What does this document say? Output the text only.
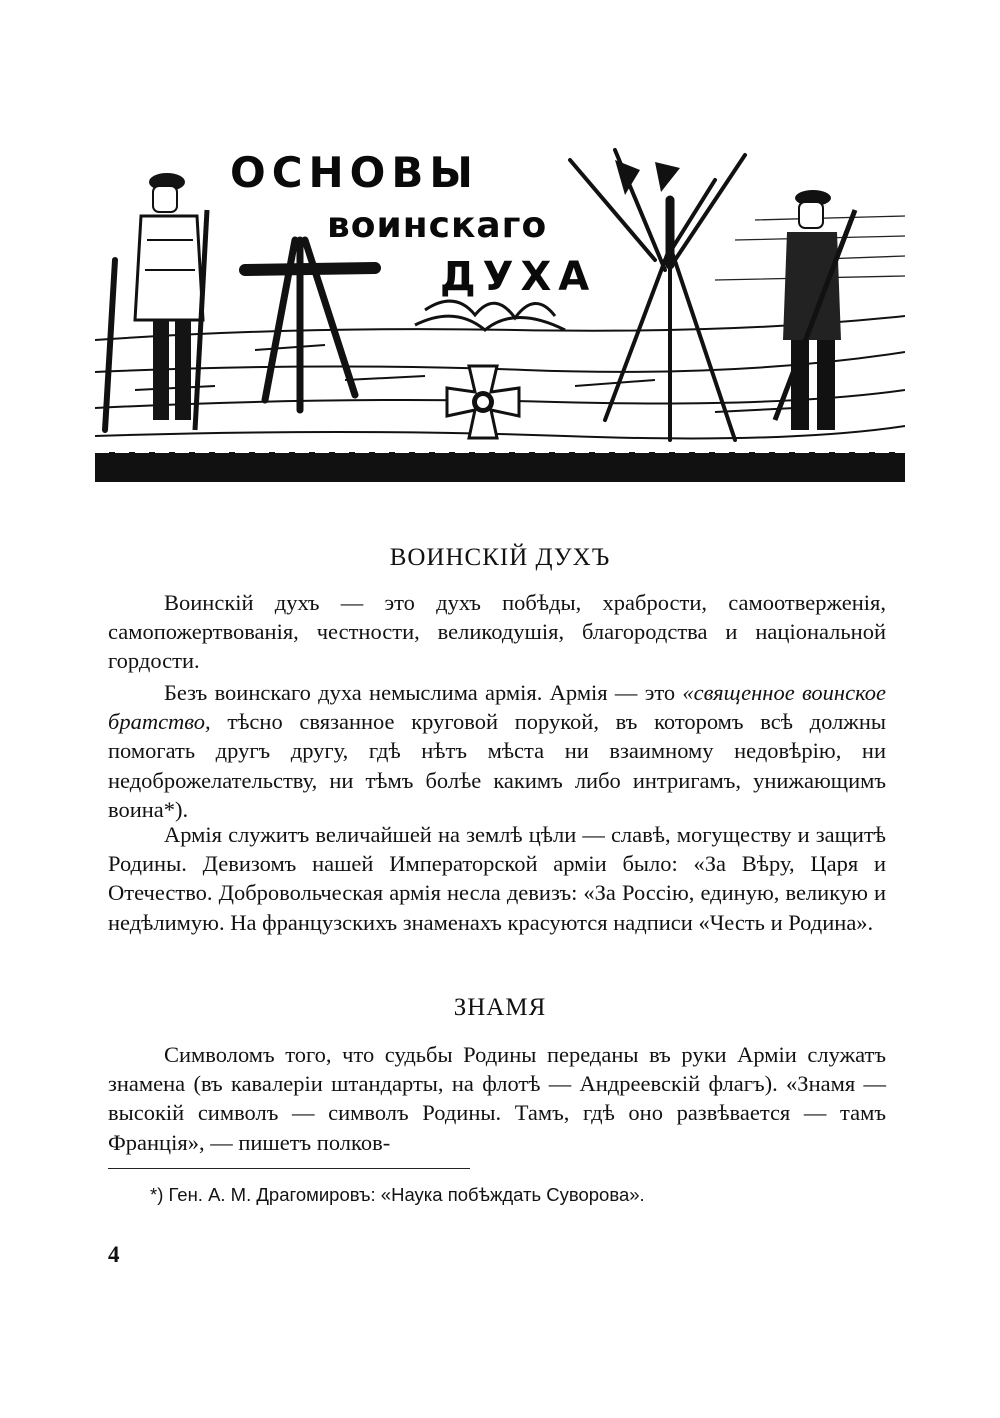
ОСНОВЫ
воинскаго
ДУХА
ВОИНСКІЙ ДУХЪ

Воинскій духъ — это духъ побѣды, храбрости, самоотверженія, самопожертвованія, честности, великодушія, благородства и національной гордости.

Безъ воинскаго духа немыслима армія. Армія — это «священное воинское братство, тѣсно связанное круговой порукой, въ которомъ всѣ должны помогать другъ другу, гдѣ нѣтъ мѣста ни взаимному недовѣрію, ни недоброжелательству, ни тѣмъ болѣе какимъ либо интригамъ, унижающимъ воина*).

Армія служитъ величайшей на землѣ цѣли — славѣ, могуществу и защитѣ Родины. Девизомъ нашей Императорской арміи было: «За Вѣру, Царя и Отечество. Добровольческая армія несла девизъ: «За Россію, единую, великую и недѣлимую. На французскихъ знаменахъ красуются надписи «Честь и Родина».

ЗНАМЯ

Символомъ того, что судьбы Родины переданы въ руки Арміи служатъ знамена (въ кавалеріи штандарты, на флотѣ — Андреевскій флагъ). «Знамя — высокій символъ — символъ Родины. Тамъ, гдѣ оно развѣвается — тамъ Франція», — пишетъ полков-

*) Ген. А. М. Драгомировъ: «Наука побѣждать Суворова».
4
